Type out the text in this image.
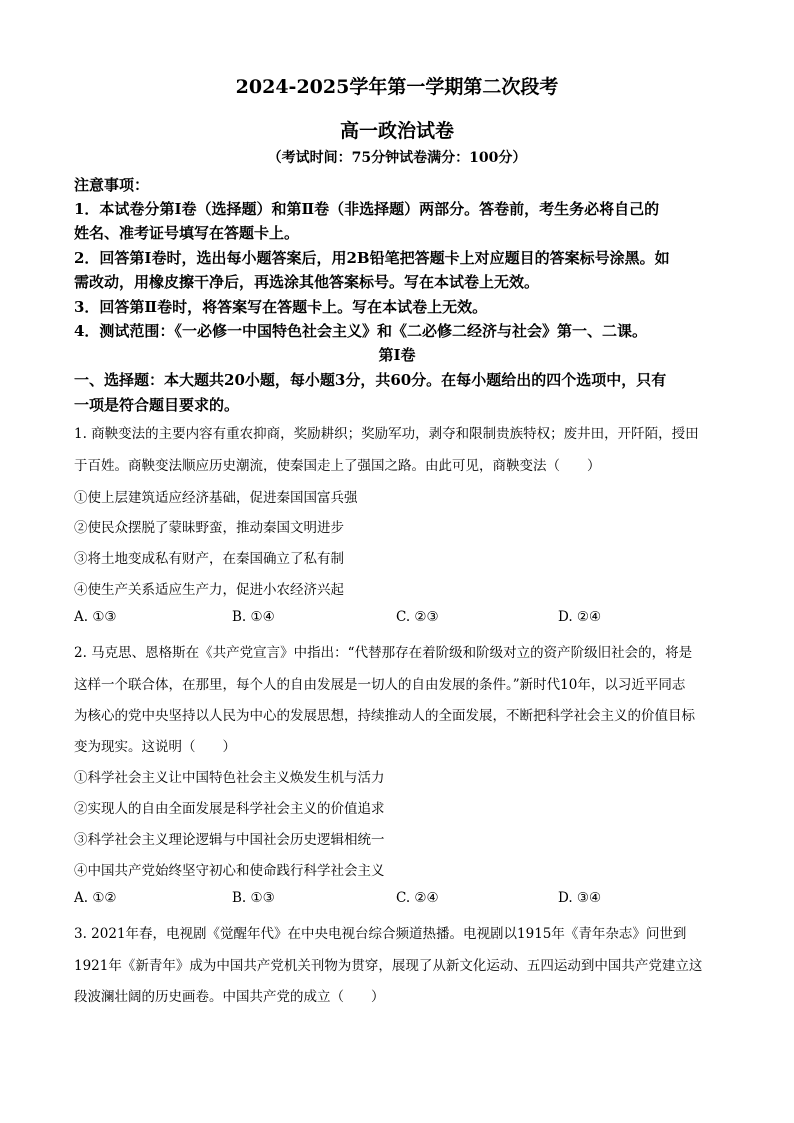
2024-2025学年第一学期第二次段考
高一政治试卷
（考试时间：75分钟试卷满分：100分）
注意事项：
1．本试卷分第Ⅰ卷（选择题）和第Ⅱ卷（非选择题）两部分。答卷前，考生务必将自己的
姓名、准考证号填写在答题卡上。
2．回答第Ⅰ卷时，选出每小题答案后，用2B铅笔把答题卡上对应题目的答案标号涂黑。如
需改动，用橡皮擦干净后，再选涂其他答案标号。写在本试卷上无效。
3．回答第Ⅱ卷时，将答案写在答题卡上。写在本试卷上无效。
4．测试范围：《一必修一中国特色社会主义》和《二必修二经济与社会》第一、二课。
第Ⅰ卷
一、选择题：本大题共20小题，每小题3分，共60分。在每小题给出的四个选项中，只有
一项是符合题目要求的。
1. 商鞅变法的主要内容有重农抑商，奖励耕织；奖励军功，剥夺和限制贵族特权；废井田，开阡陌，授田
于百姓。商鞅变法顺应历史潮流，使秦国走上了强国之路。由此可见，商鞅变法（　　）
①使上层建筑适应经济基础，促进秦国国富兵强
②使民众摆脱了蒙昧野蛮，推动秦国文明进步
③将土地变成私有财产，在秦国确立了私有制
④使生产关系适应生产力，促进小农经济兴起
A. ①③	B. ①④	C. ②③	D. ②④
2. 马克思、恩格斯在《共产党宣言》中指出：“代替那存在着阶级和阶级对立的资产阶级旧社会的，将是
这样一个联合体，在那里，每个人的自由发展是一切人的自由发展的条件。”新时代10年，以习近平同志
为核心的党中央坚持以人民为中心的发展思想，持续推动人的全面发展，不断把科学社会主义的价值目标
变为现实。这说明（　　）
①科学社会主义让中国特色社会主义焕发生机与活力
②实现人的自由全面发展是科学社会主义的价值追求
③科学社会主义理论逻辑与中国社会历史逻辑相统一
④中国共产党始终坚守初心和使命践行科学社会主义
A. ①②	B. ①③	C. ②④	D. ③④
3. 2021年春，电视剧《觉醒年代》在中央电视台综合频道热播。电视剧以1915年《青年杂志》问世到
1921年《新青年》成为中国共产党机关刊物为贯穿，展现了从新文化运动、五四运动到中国共产党建立这
段波澜壮阔的历史画卷。中国共产党的成立（　　）
